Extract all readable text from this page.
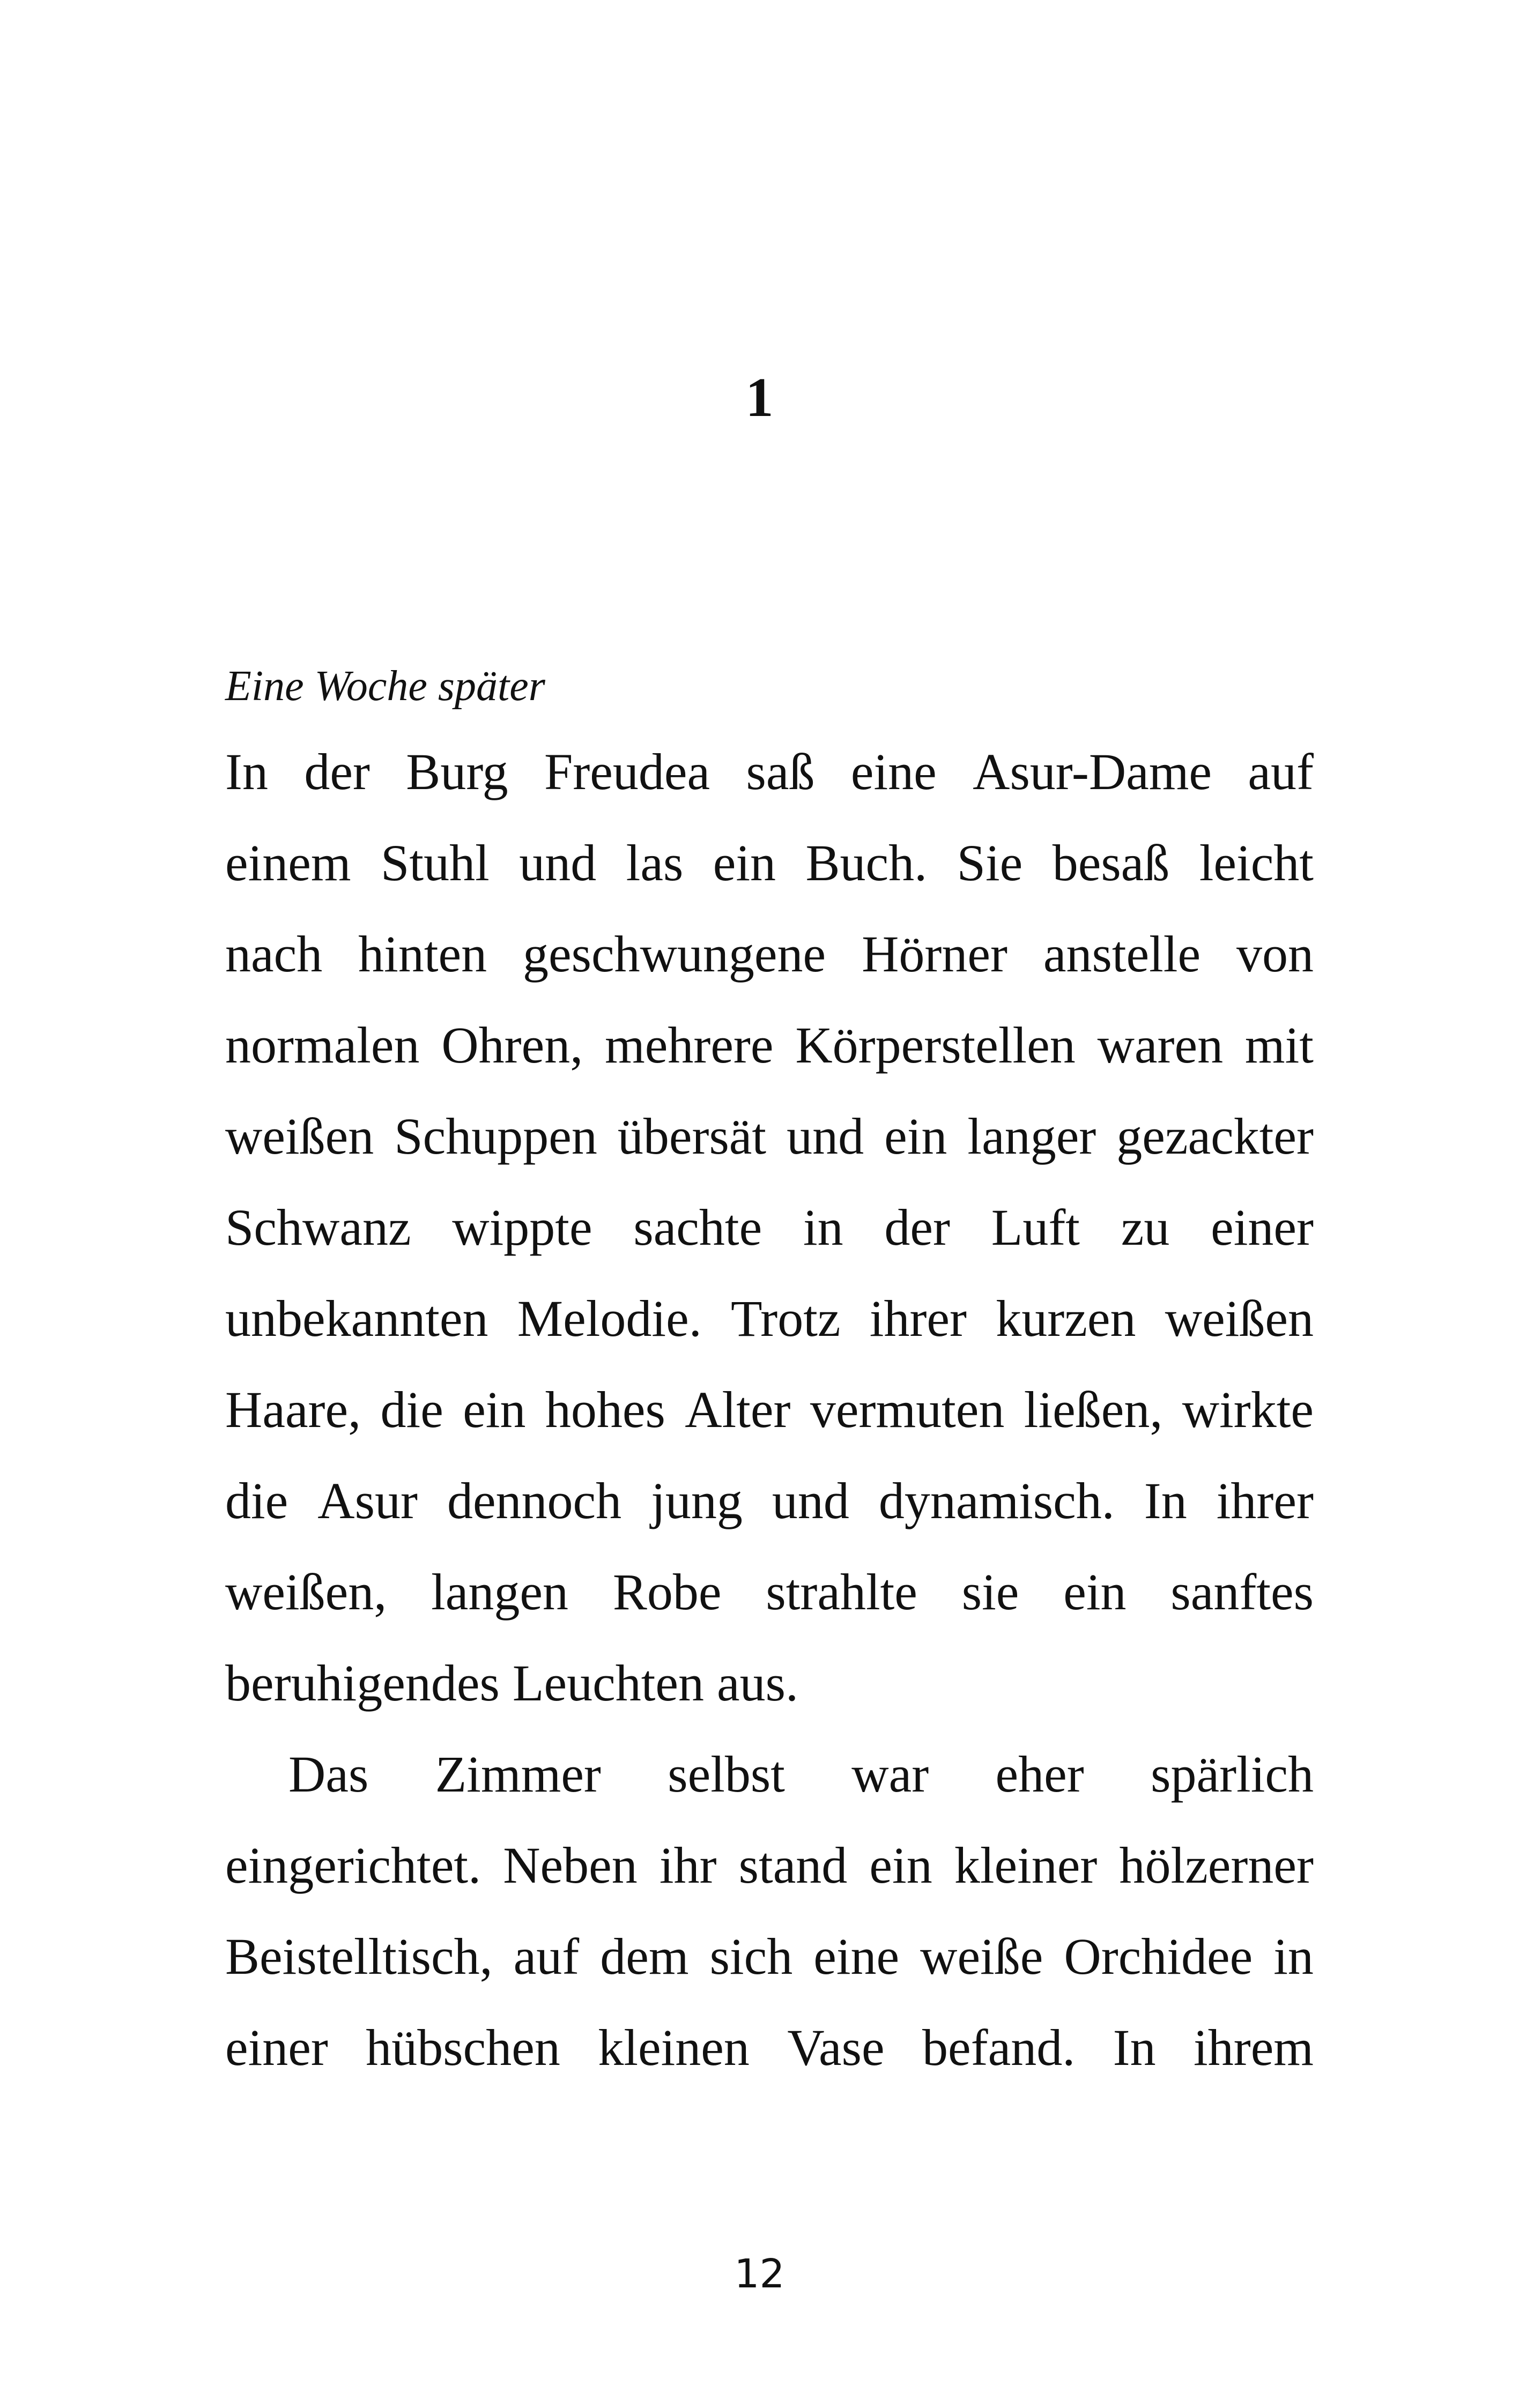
1
Eine Woche später
In der Burg Freudea saß eine Asur-Dame auf
einem Stuhl und las ein Buch. Sie besaß leicht
nach hinten geschwungene Hörner anstelle von
normalen Ohren, mehrere Körperstellen waren mit
weißen Schuppen übersät und ein langer gezackter
Schwanz wippte sachte in der Luft zu einer
unbekannten Melodie. Trotz ihrer kurzen weißen
Haare, die ein hohes Alter vermuten ließen, wirkte
die Asur dennoch jung und dynamisch. In ihrer
weißen, langen Robe strahlte sie ein sanftes
beruhigendes Leuchten aus.
Das Zimmer selbst war eher spärlich
eingerichtet. Neben ihr stand ein kleiner hölzerner
Beistelltisch, auf dem sich eine weiße Orchidee in
einer hübschen kleinen Vase befand. In ihrem
12
